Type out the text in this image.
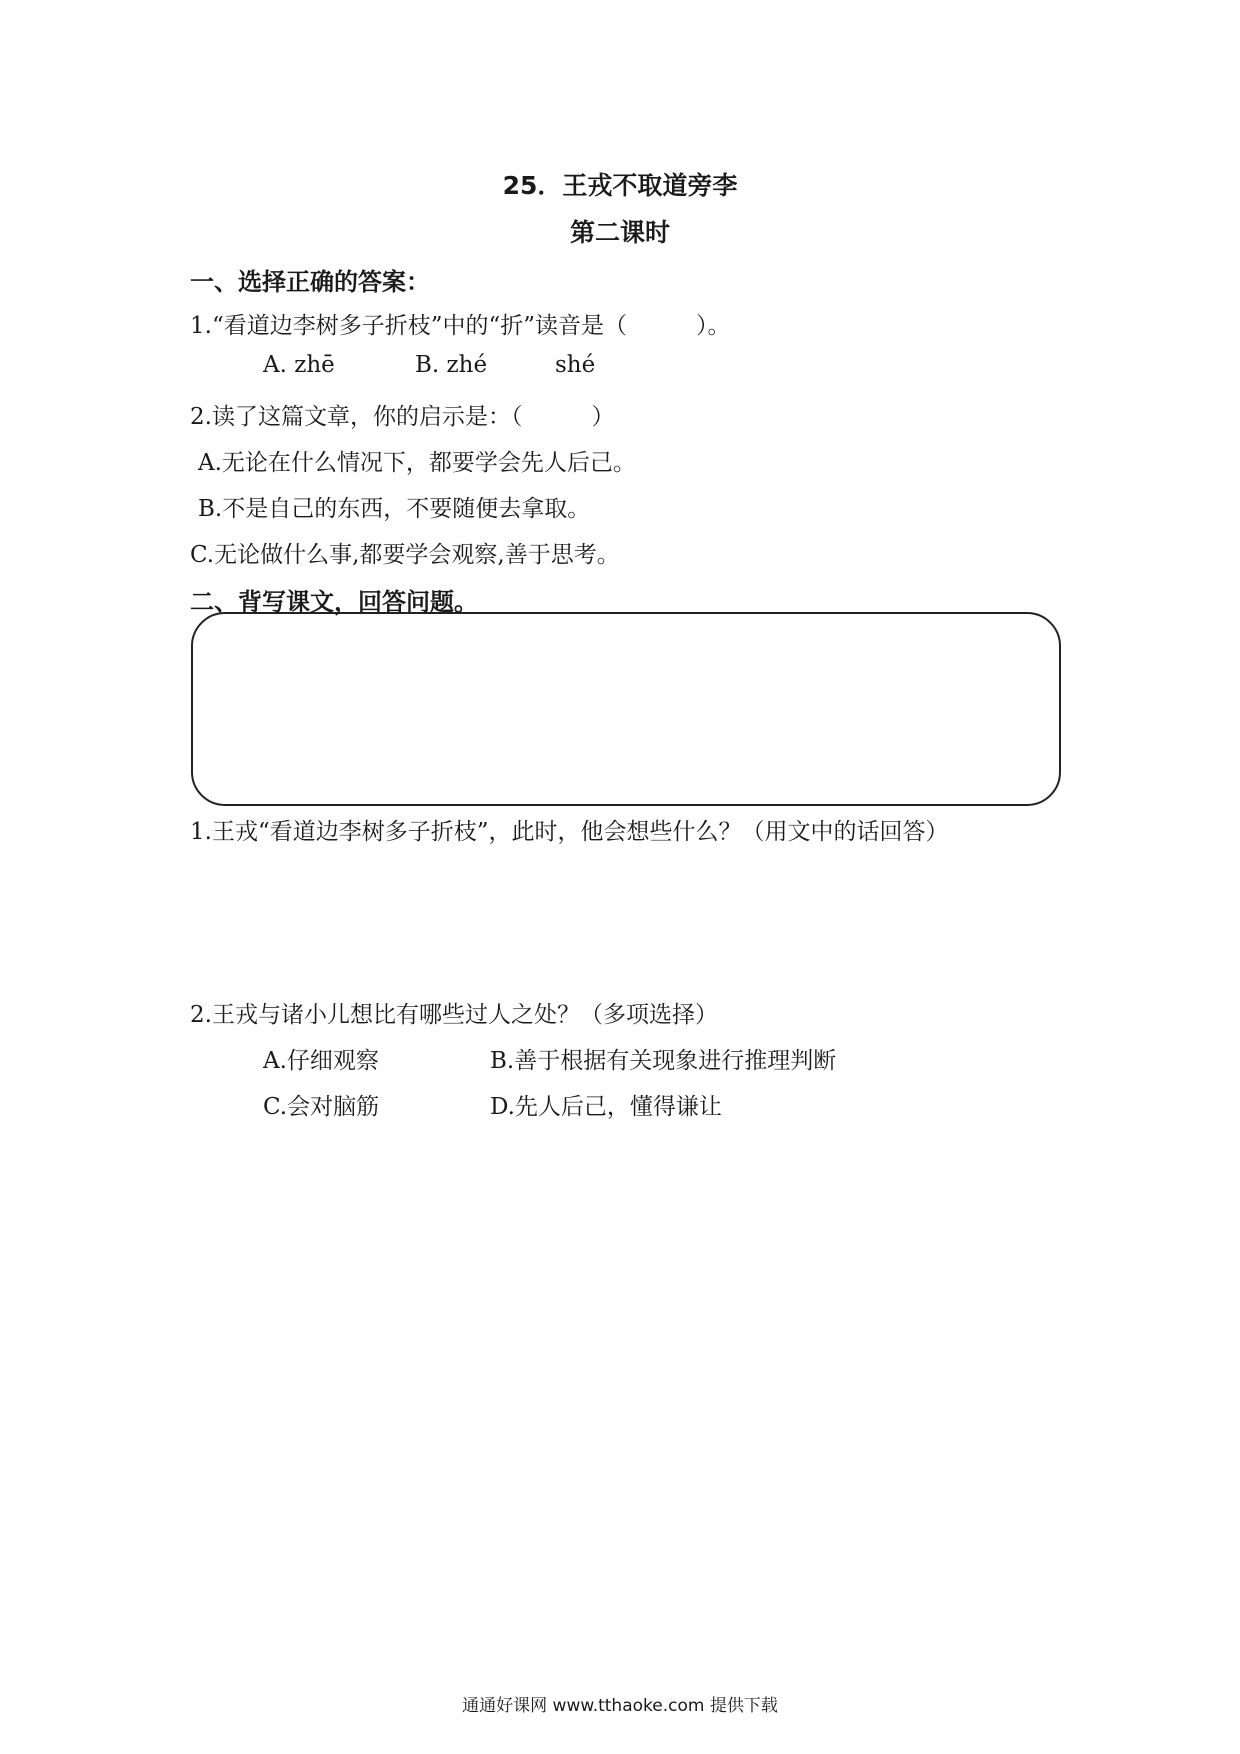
25．王戎不取道旁李
第二课时
一、选择正确的答案：
1.“看道边李树多子折枝”中的“折”读音是（　　　）。
A. zhē	B. zhé	shé
2.读了这篇文章，你的启示是：（　　　）
A.无论在什么情况下，都要学会先人后己。
B.不是自己的东西，不要随便去拿取。
C.无论做什么事,都要学会观察,善于思考。
二、背写课文，回答问题。
1.王戎“看道边李树多子折枝”，此时，他会想些什么？（用文中的话回答）
2.王戎与诸小儿想比有哪些过人之处？（多项选择）
A.仔细观察	B.善于根据有关现象进行推理判断
C.会对脑筋	D.先人后己，懂得谦让
通通好课网 www.tthaoke.com 提供下载
